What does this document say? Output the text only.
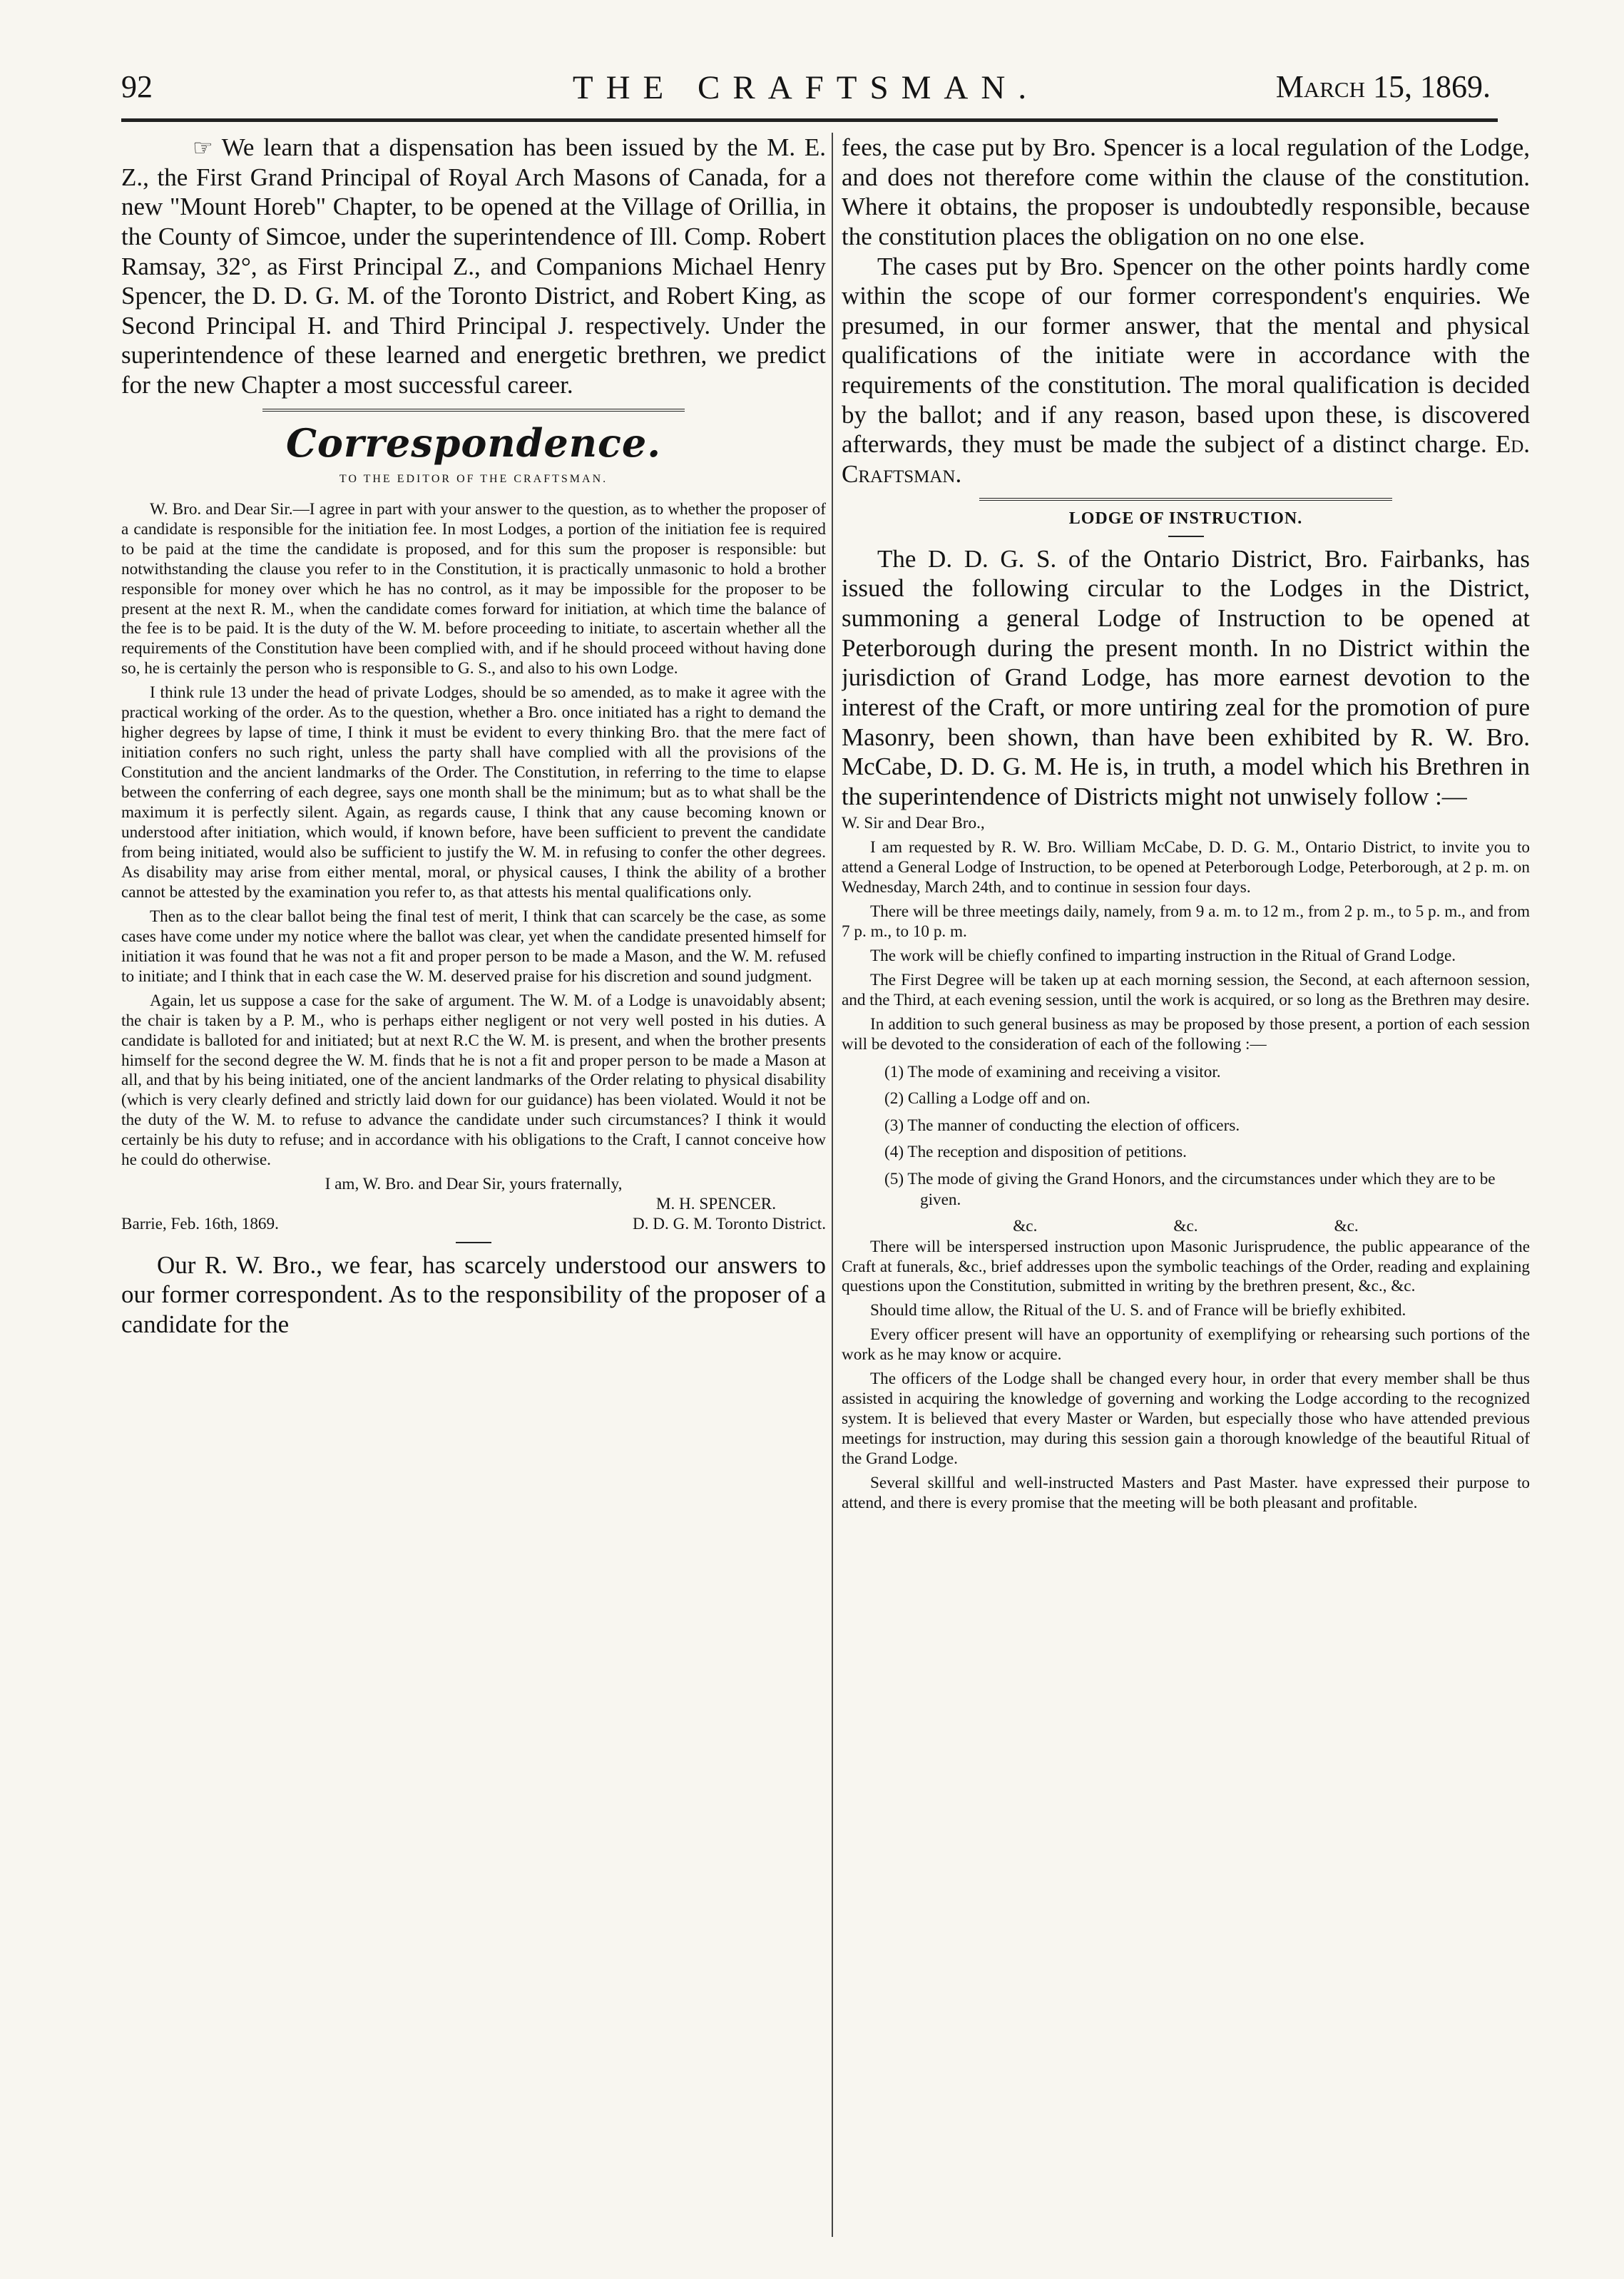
92	THE CRAFTSMAN.	March 15, 1869.

☞ We learn that a dispensation has been issued by the M. E. Z., the First Grand Principal of Royal Arch Masons of Canada, for a new "Mount Horeb" Chapter, to be opened at the Village of Orillia, in the County of Simcoe, under the superintendence of Ill. Comp. Robert Ramsay, 32°, as First Principal Z., and Companions Michael Henry Spencer, the D. D. G. M. of the Toronto District, and Robert King, as Second Principal H. and Third Principal J. respectively. Under the superintendence of these learned and energetic brethren, we predict for the new Chapter a most successful career.

Correspondence.
TO THE EDITOR OF THE CRAFTSMAN.

W. Bro. and Dear Sir.—I agree in part with your answer to the question, as to whether the proposer of a candidate is responsible for the initiation fee. In most Lodges, a portion of the initiation fee is required to be paid at the time the candidate is proposed, and for this sum the proposer is responsible: but notwithstanding the clause you refer to in the Constitution, it is practically unmasonic to hold a brother responsible for money over which he has no control, as it may be impossible for the proposer to be present at the next R. M., when the candidate comes forward for initiation, at which time the balance of the fee is to be paid. It is the duty of the W. M. before proceeding to initiate, to ascertain whether all the requirements of the Constitution have been complied with, and if he should proceed without having done so, he is certainly the person who is responsible to G. S., and also to his own Lodge.

I think rule 13 under the head of private Lodges, should be so amended, as to make it agree with the practical working of the order. As to the question, whether a Bro. once initiated has a right to demand the higher degrees by lapse of time, I think it must be evident to every thinking Bro. that the mere fact of initiation confers no such right, unless the party shall have complied with all the provisions of the Constitution and the ancient landmarks of the Order. The Constitution, in referring to the time to elapse between the conferring of each degree, says one month shall be the minimum; but as to what shall be the maximum it is perfectly silent. Again, as regards cause, I think that any cause becoming known or understood after initiation, which would, if known before, have been sufficient to prevent the candidate from being initiated, would also be sufficient to justify the W. M. in refusing to confer the other degrees. As disability may arise from either mental, moral, or physical causes, I think the ability of a brother cannot be attested by the examination you refer to, as that attests his mental qualifications only.

Then as to the clear ballot being the final test of merit, I think that can scarcely be the case, as some cases have come under my notice where the ballot was clear, yet when the candidate presented himself for initiation it was found that he was not a fit and proper person to be made a Mason, and the W. M. refused to initiate; and I think that in each case the W. M. deserved praise for his discretion and sound judgment.

Again, let us suppose a case for the sake of argument. The W. M. of a Lodge is unavoidably absent; the chair is taken by a P. M., who is perhaps either negligent or not very well posted in his duties. A candidate is balloted for and initiated; but at next R.C the W. M. is present, and when the brother presents himself for the second degree the W. M. finds that he is not a fit and proper person to be made a Mason at all, and that by his being initiated, one of the ancient landmarks of the Order relating to physical disability (which is very clearly defined and strictly laid down for our guidance) has been violated. Would it not be the duty of the W. M. to refuse to advance the candidate under such circumstances? I think it would certainly be his duty to refuse; and in accordance with his obligations to the Craft, I cannot conceive how he could do otherwise.

I am, W. Bro. and Dear Sir, yours fraternally,
M. H. SPENCER.
Barrie, Feb. 16th, 1869.	D. D. G. M. Toronto District.

Our R. W. Bro., we fear, has scarcely understood our answers to our former correspondent. As to the responsibility of the proposer of a candidate for the

fees, the case put by Bro. Spencer is a local regulation of the Lodge, and does not therefore come within the clause of the constitution. Where it obtains, the proposer is undoubtedly responsible, because the constitution places the obligation on no one else.

The cases put by Bro. Spencer on the other points hardly come within the scope of our former correspondent's enquiries. We presumed, in our former answer, that the mental and physical qualifications of the initiate were in accordance with the requirements of the constitution. The moral qualification is decided by the ballot; and if any reason, based upon these, is discovered afterwards, they must be made the subject of a distinct charge. Ed. Craftsman.

LODGE OF INSTRUCTION.

The D. D. G. S. of the Ontario District, Bro. Fairbanks, has issued the following circular to the Lodges in the District, summoning a general Lodge of Instruction to be opened at Peterborough during the present month. In no District within the jurisdiction of Grand Lodge, has more earnest devotion to the interest of the Craft, or more untiring zeal for the promotion of pure Masonry, been shown, than have been exhibited by R. W. Bro. McCabe, D. D. G. M. He is, in truth, a model which his Brethren in the superintendence of Districts might not unwisely follow :—

W. Sir and Dear Bro.,

I am requested by R. W. Bro. William McCabe, D. D. G. M., Ontario District, to invite you to attend a General Lodge of Instruction, to be opened at Peterborough Lodge, Peterborough, at 2 p. m. on Wednesday, March 24th, and to continue in session four days.

There will be three meetings daily, namely, from 9 a. m. to 12 m., from 2 p. m., to 5 p. m., and from 7 p. m., to 10 p. m.

The work will be chiefly confined to imparting instruction in the Ritual of Grand Lodge.

The First Degree will be taken up at each morning session, the Second, at each afternoon session, and the Third, at each evening session, until the work is acquired, or so long as the Brethren may desire.

In addition to such general business as may be proposed by those present, a portion of each session will be devoted to the consideration of each of the following :—

(1) The mode of examining and receiving a visitor.
(2) Calling a Lodge off and on.
(3) The manner of conducting the election of officers.
(4) The reception and disposition of petitions.
(5) The mode of giving the Grand Honors, and the circumstances under which they are to be given.
&c.	&c.	&c.

There will be interspersed instruction upon Masonic Jurisprudence, the public appearance of the Craft at funerals, &c., brief addresses upon the symbolic teachings of the Order, reading and explaining questions upon the Constitution, submitted in writing by the brethren present, &c., &c.

Should time allow, the Ritual of the U. S. and of France will be briefly exhibited.

Every officer present will have an opportunity of exemplifying or rehearsing such portions of the work as he may know or acquire.

The officers of the Lodge shall be changed every hour, in order that every member shall be thus assisted in acquiring the knowledge of governing and working the Lodge according to the recognized system. It is believed that every Master or Warden, but especially those who have attended previous meetings for instruction, may during this session gain a thorough knowledge of the beautiful Ritual of the Grand Lodge.

Several skillful and well-instructed Masters and Past Master. have expressed their purpose to attend, and there is every promise that the meeting will be both pleasant and profitable.
